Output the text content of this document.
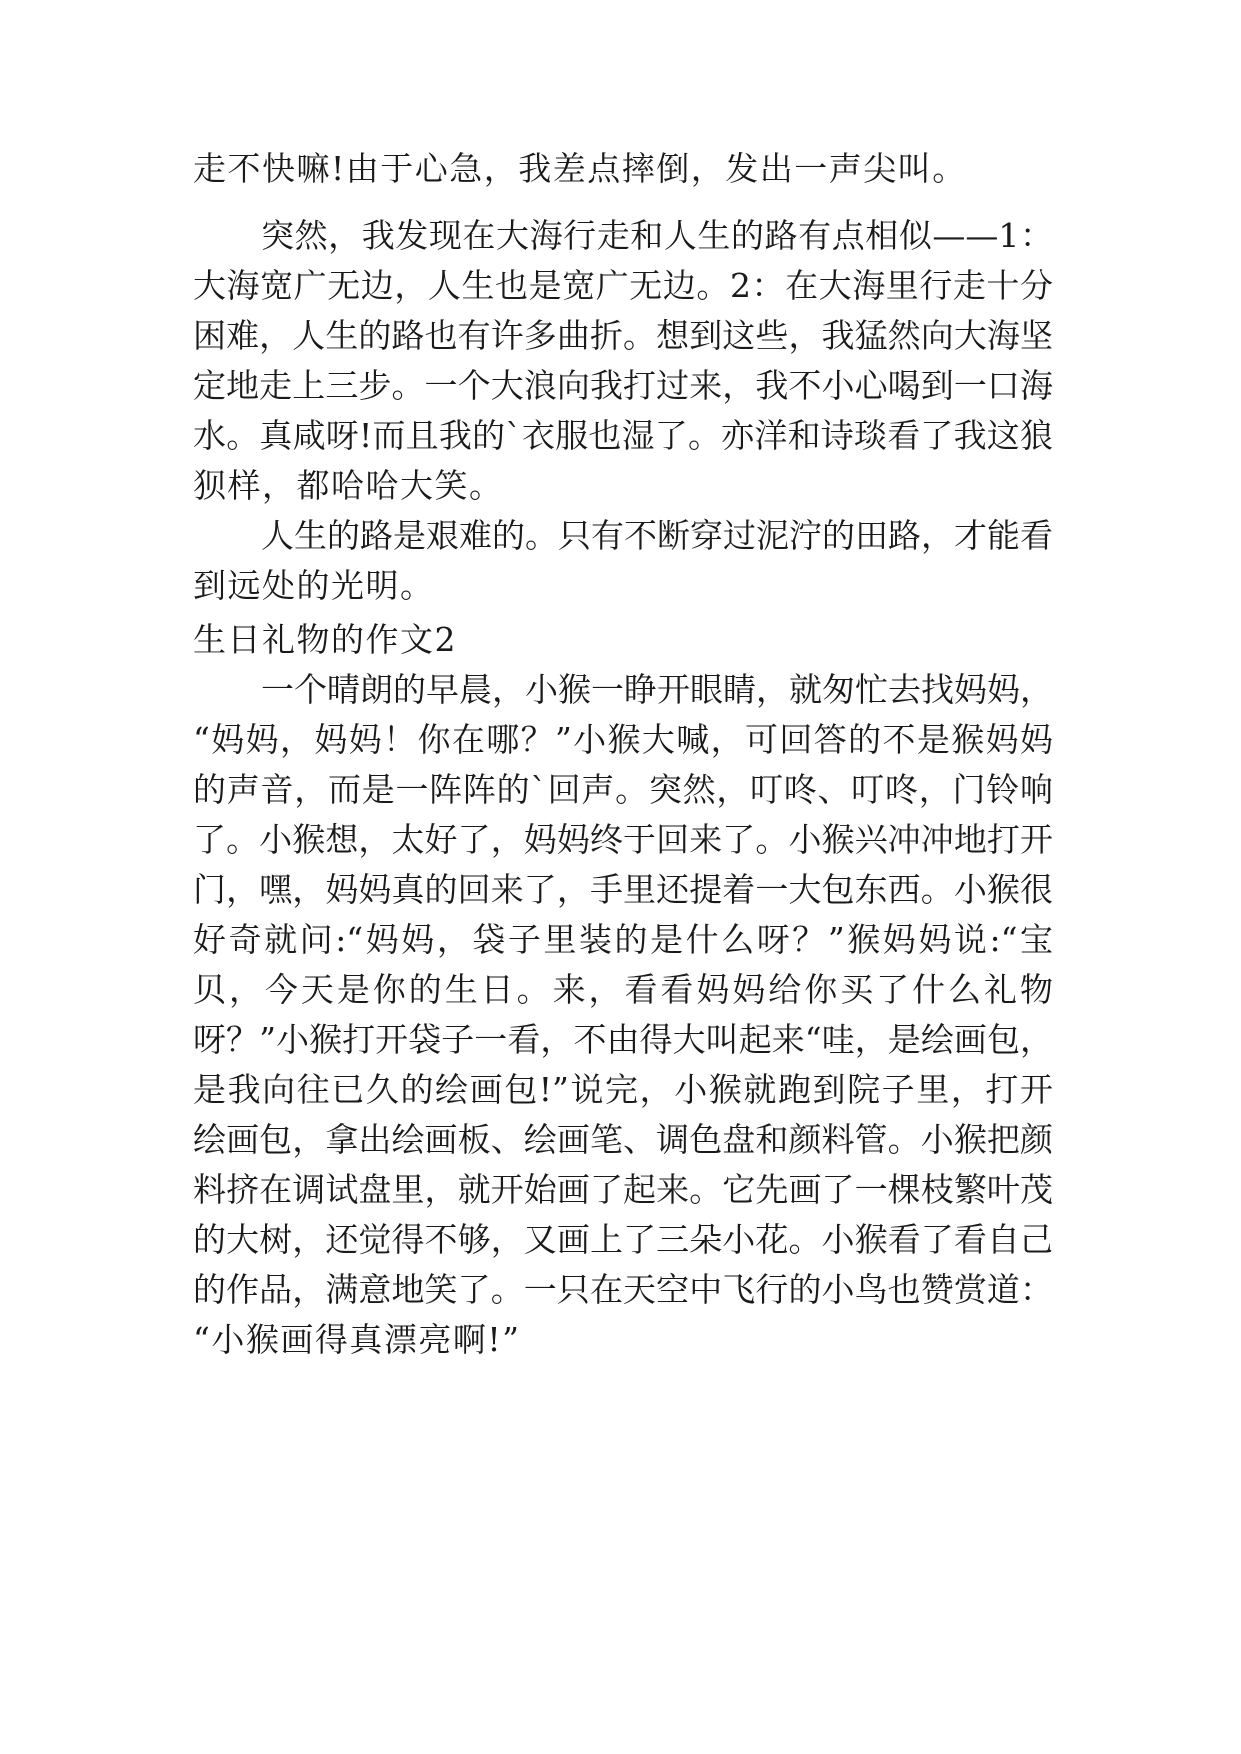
走不快嘛!由于心急，我差点摔倒，发出一声尖叫。
突然，我发现在大海行走和人生的路有点相似——1：
大海宽广无边，人生也是宽广无边。2：在大海里行走十分
困难，人生的路也有许多曲折。想到这些，我猛然向大海坚
定地走上三步。一个大浪向我打过来，我不小心喝到一口海
水。真咸呀!而且我的`衣服也湿了。亦洋和诗琰看了我这狼
狈样，都哈哈大笑。
人生的路是艰难的。只有不断穿过泥泞的田路，才能看
到远处的光明。
生日礼物的作文2
一个晴朗的早晨，小猴一睁开眼睛，就匆忙去找妈妈，
“妈妈，妈妈！你在哪？”小猴大喊，可回答的不是猴妈妈
的声音，而是一阵阵的`回声。突然，叮咚、叮咚，门铃响
了。小猴想，太好了，妈妈终于回来了。小猴兴冲冲地打开
门，嘿，妈妈真的回来了，手里还提着一大包东西。小猴很
好奇就问:“妈妈，袋子里装的是什么呀？”猴妈妈说:“宝
贝，今天是你的生日。来，看看妈妈给你买了什么礼物
呀？”小猴打开袋子一看，不由得大叫起来“哇，是绘画包，
是我向往已久的绘画包!”说完，小猴就跑到院子里，打开
绘画包，拿出绘画板、绘画笔、调色盘和颜料管。小猴把颜
料挤在调试盘里，就开始画了起来。它先画了一棵枝繁叶茂
的大树，还觉得不够，又画上了三朵小花。小猴看了看自己
的作品，满意地笑了。一只在天空中飞行的小鸟也赞赏道：
“小猴画得真漂亮啊!”
